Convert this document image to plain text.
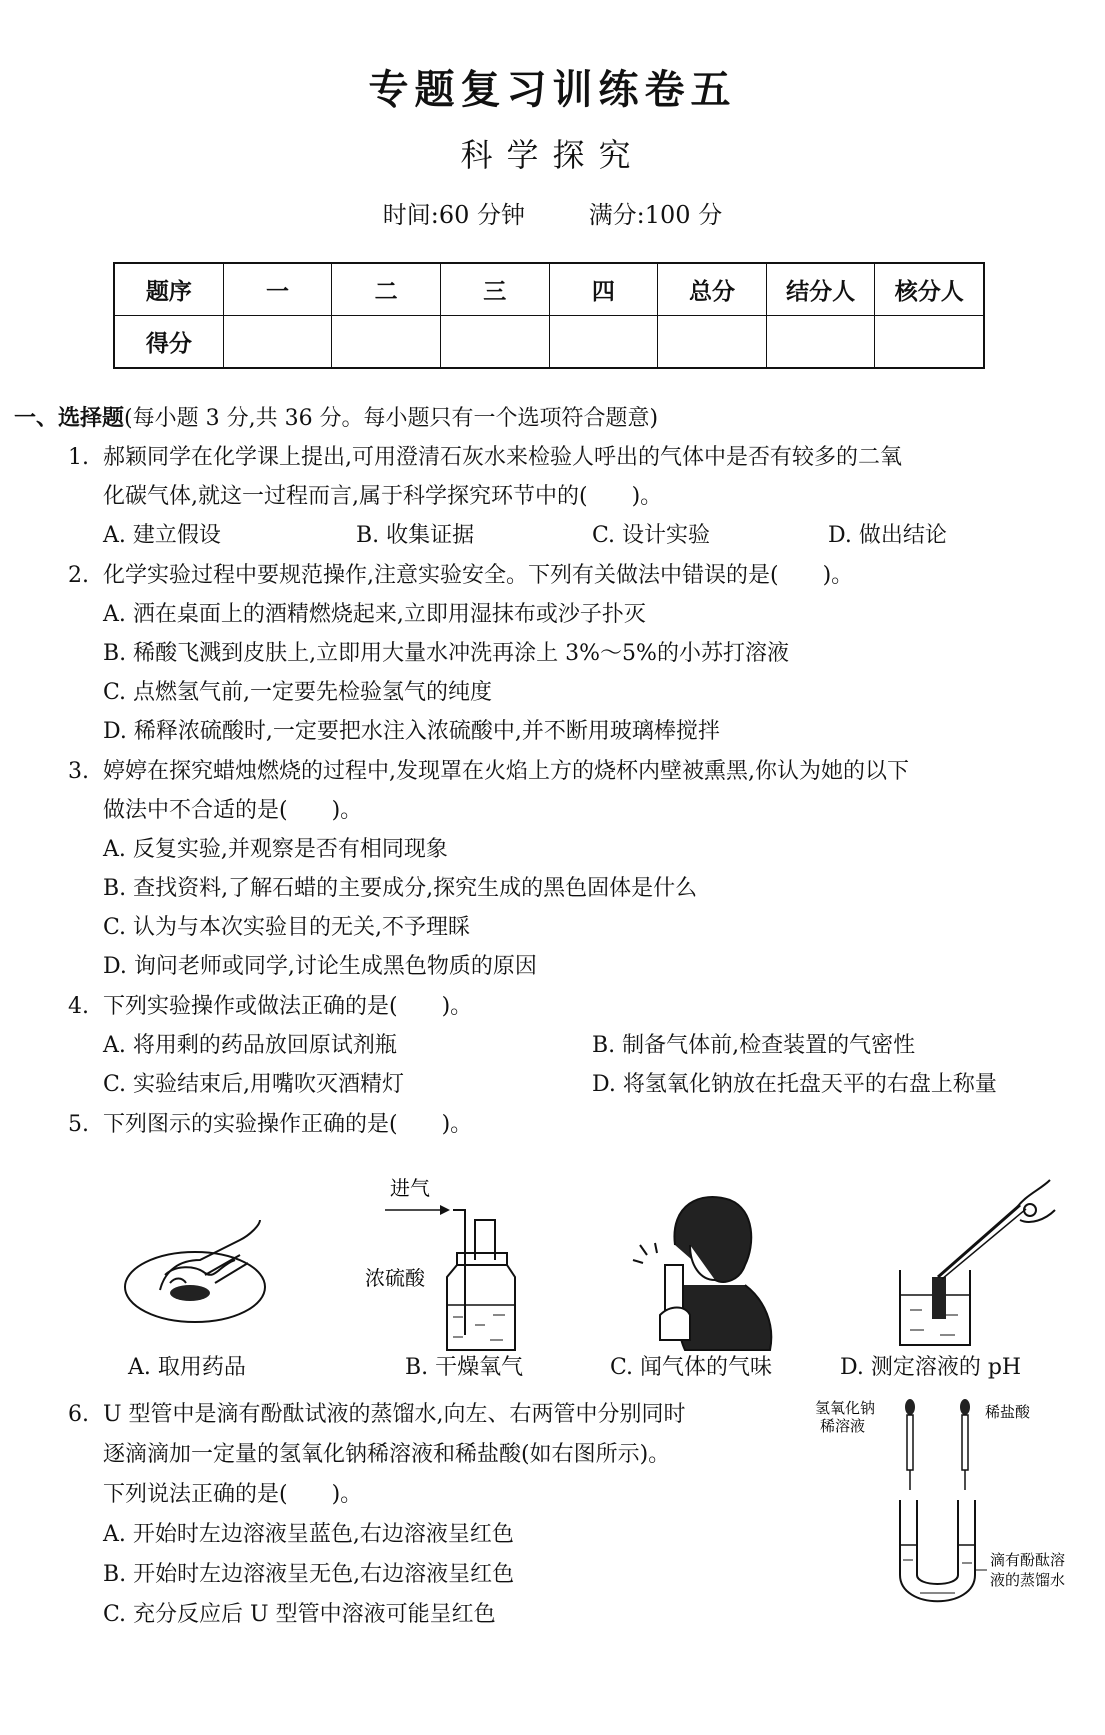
专题复习训练卷五
科学探究
时间:60 分钟	满分:100 分
题序	一	二	三	四	总分	结分人	核分人
得分							
一、选择题(每小题 3 分,共 36 分。每小题只有一个选项符合题意)
1. 郝颖同学在化学课上提出,可用澄清石灰水来检验人呼出的气体中是否有较多的二氧
化碳气体,就这一过程而言,属于科学探究环节中的(　　)。
A. 建立假设	B. 收集证据	C. 设计实验	D. 做出结论
2. 化学实验过程中要规范操作,注意实验安全。下列有关做法中错误的是(　　)。
A. 洒在桌面上的酒精燃烧起来,立即用湿抹布或沙子扑灭
B. 稀酸飞溅到皮肤上,立即用大量水冲洗再涂上 3%～5%的小苏打溶液
C. 点燃氢气前,一定要先检验氢气的纯度
D. 稀释浓硫酸时,一定要把水注入浓硫酸中,并不断用玻璃棒搅拌
3. 婷婷在探究蜡烛燃烧的过程中,发现罩在火焰上方的烧杯内壁被熏黑,你认为她的以下
做法中不合适的是(　　)。
A. 反复实验,并观察是否有相同现象
B. 查找资料,了解石蜡的主要成分,探究生成的黑色固体是什么
C. 认为与本次实验目的无关,不予理睬
D. 询问老师或同学,讨论生成黑色物质的原因
4. 下列实验操作或做法正确的是(　　)。
A. 将用剩的药品放回原试剂瓶	B. 制备气体前,检查装置的气密性
C. 实验结束后,用嘴吹灭酒精灯	D. 将氢氧化钠放在托盘天平的右盘上称量
5. 下列图示的实验操作正确的是(　　)。
进气
浓硫酸
A. 取用药品	B. 干燥氧气	C. 闻气体的气味	D. 测定溶液的 pH
6. U 型管中是滴有酚酞试液的蒸馏水,向左、右两管中分别同时
逐滴滴加一定量的氢氧化钠稀溶液和稀盐酸(如右图所示)。
下列说法正确的是(　　)。
A. 开始时左边溶液呈蓝色,右边溶液呈红色
B. 开始时左边溶液呈无色,右边溶液呈红色
C. 充分反应后 U 型管中溶液可能呈红色
氢氧化钠
稀溶液
稀盐酸
滴有酚酞溶
液的蒸馏水
